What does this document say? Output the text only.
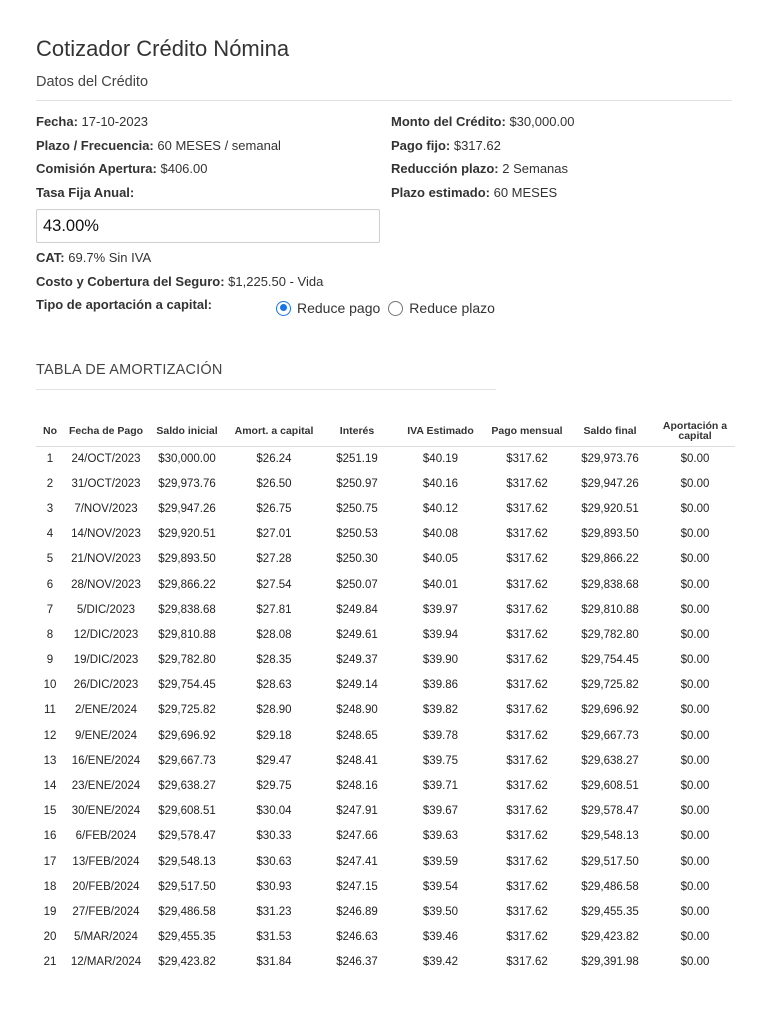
Cotizador Crédito Nómina
Datos del Crédito
Fecha: 17-10-2023
Plazo / Frecuencia: 60 MESES / semanal
Comisión Apertura: $406.00
Tasa Fija Anual:
Monto del Crédito: $30,000.00
Pago fijo: $317.62
Reducción plazo: 2 Semanas
Plazo estimado: 60 MESES
43.00%
CAT: 69.7% Sin IVA
Costo y Cobertura del Seguro: $1,225.50 - Vida
Tipo de aportación a capital:	Reduce pago Reduce plazo
TABLA DE AMORTIZACIÓN
No	Fecha de Pago	Saldo inicial	Amort. a capital	Interés	IVA Estimado	Pago mensual	Saldo final	Aportación a capital
1	24/OCT/2023	$30,000.00	$26.24	$251.19	$40.19	$317.62	$29,973.76	$0.00
2	31/OCT/2023	$29,973.76	$26.50	$250.97	$40.16	$317.62	$29,947.26	$0.00
3	7/NOV/2023	$29,947.26	$26.75	$250.75	$40.12	$317.62	$29,920.51	$0.00
4	14/NOV/2023	$29,920.51	$27.01	$250.53	$40.08	$317.62	$29,893.50	$0.00
5	21/NOV/2023	$29,893.50	$27.28	$250.30	$40.05	$317.62	$29,866.22	$0.00
6	28/NOV/2023	$29,866.22	$27.54	$250.07	$40.01	$317.62	$29,838.68	$0.00
7	5/DIC/2023	$29,838.68	$27.81	$249.84	$39.97	$317.62	$29,810.88	$0.00
8	12/DIC/2023	$29,810.88	$28.08	$249.61	$39.94	$317.62	$29,782.80	$0.00
9	19/DIC/2023	$29,782.80	$28.35	$249.37	$39.90	$317.62	$29,754.45	$0.00
10	26/DIC/2023	$29,754.45	$28.63	$249.14	$39.86	$317.62	$29,725.82	$0.00
11	2/ENE/2024	$29,725.82	$28.90	$248.90	$39.82	$317.62	$29,696.92	$0.00
12	9/ENE/2024	$29,696.92	$29.18	$248.65	$39.78	$317.62	$29,667.73	$0.00
13	16/ENE/2024	$29,667.73	$29.47	$248.41	$39.75	$317.62	$29,638.27	$0.00
14	23/ENE/2024	$29,638.27	$29.75	$248.16	$39.71	$317.62	$29,608.51	$0.00
15	30/ENE/2024	$29,608.51	$30.04	$247.91	$39.67	$317.62	$29,578.47	$0.00
16	6/FEB/2024	$29,578.47	$30.33	$247.66	$39.63	$317.62	$29,548.13	$0.00
17	13/FEB/2024	$29,548.13	$30.63	$247.41	$39.59	$317.62	$29,517.50	$0.00
18	20/FEB/2024	$29,517.50	$30.93	$247.15	$39.54	$317.62	$29,486.58	$0.00
19	27/FEB/2024	$29,486.58	$31.23	$246.89	$39.50	$317.62	$29,455.35	$0.00
20	5/MAR/2024	$29,455.35	$31.53	$246.63	$39.46	$317.62	$29,423.82	$0.00
21	12/MAR/2024	$29,423.82	$31.84	$246.37	$39.42	$317.62	$29,391.98	$0.00
